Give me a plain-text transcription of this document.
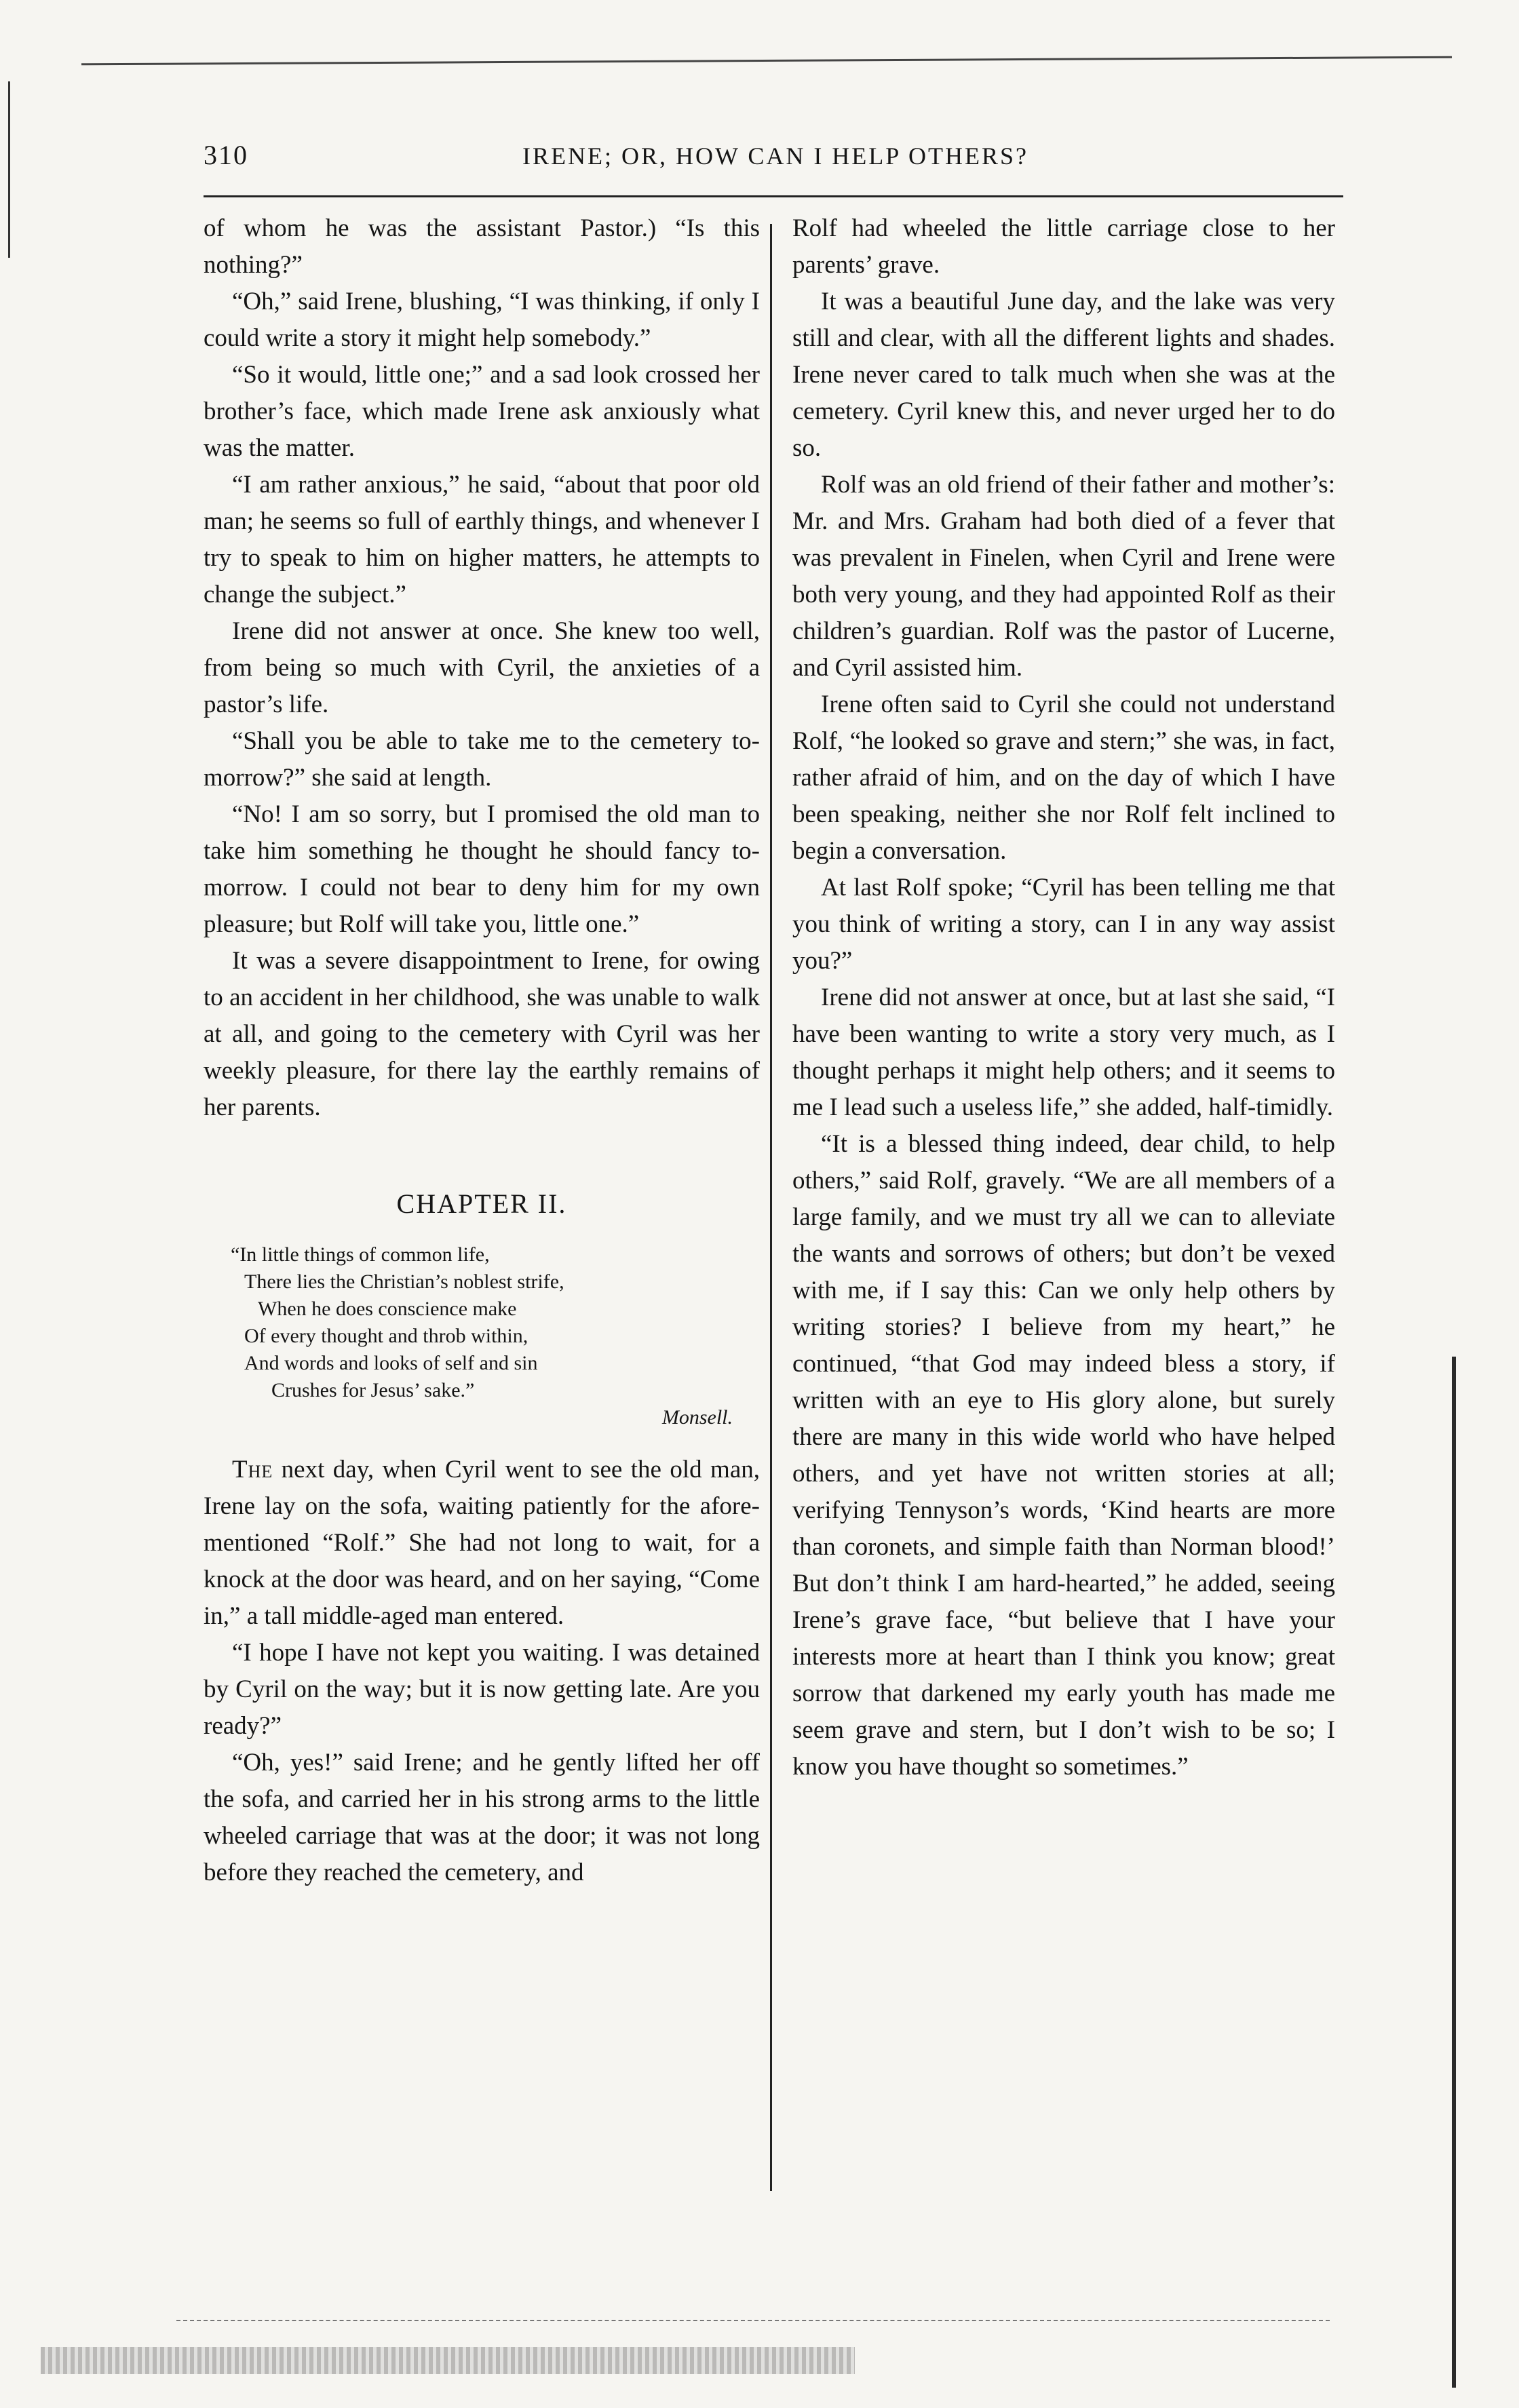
310	IRENE; OR, HOW CAN I HELP OTHERS?

of whom he was the assistant Pastor.) “Is this nothing?”

“Oh,” said Irene, blushing, “I was thinking, if only I could write a story it might help somebody.”

“So it would, little one;” and a sad look crossed her brother’s face, which made Irene ask anxiously what was the matter.

“I am rather anxious,” he said, “about that poor old man; he seems so full of earthly things, and whenever I try to speak to him on higher matters, he attempts to change the subject.”

Irene did not answer at once. She knew too well, from being so much with Cyril, the anxieties of a pastor’s life.

“Shall you be able to take me to the cemetery to-morrow?” she said at length.

“No! I am so sorry, but I promised the old man to take him something he thought he should fancy to-morrow. I could not bear to deny him for my own pleasure; but Rolf will take you, little one.”

It was a severe disappointment to Irene, for owing to an accident in her childhood, she was unable to walk at all, and going to the cemetery with Cyril was her weekly pleasure, for there lay the earthly remains of her parents.

CHAPTER II.
“In little things of common life,
There lies the Christian’s noblest strife,
When he does conscience make
Of every thought and throb within,
And words and looks of self and sin
Crushes for Jesus’ sake.”
Monsell.

The next day, when Cyril went to see the old man, Irene lay on the sofa, waiting patiently for the afore-mentioned “Rolf.” She had not long to wait, for a knock at the door was heard, and on her saying, “Come in,” a tall middle-aged man entered.

“I hope I have not kept you waiting. I was detained by Cyril on the way; but it is now getting late. Are you ready?”

“Oh, yes!” said Irene; and he gently lifted her off the sofa, and carried her in his strong arms to the little wheeled carriage that was at the door; it was not long before they reached the cemetery, and

Rolf had wheeled the little carriage close to her parents’ grave.

It was a beautiful June day, and the lake was very still and clear, with all the different lights and shades. Irene never cared to talk much when she was at the cemetery. Cyril knew this, and never urged her to do so.

Rolf was an old friend of their father and mother’s: Mr. and Mrs. Graham had both died of a fever that was prevalent in Finelen, when Cyril and Irene were both very young, and they had appointed Rolf as their children’s guardian. Rolf was the pastor of Lucerne, and Cyril assisted him.

Irene often said to Cyril she could not understand Rolf, “he looked so grave and stern;” she was, in fact, rather afraid of him, and on the day of which I have been speaking, neither she nor Rolf felt inclined to begin a conversation.

At last Rolf spoke; “Cyril has been telling me that you think of writing a story, can I in any way assist you?”

Irene did not answer at once, but at last she said, “I have been wanting to write a story very much, as I thought perhaps it might help others; and it seems to me I lead such a useless life,” she added, half-timidly.

“It is a blessed thing indeed, dear child, to help others,” said Rolf, gravely. “We are all members of a large family, and we must try all we can to alleviate the wants and sorrows of others; but don’t be vexed with me, if I say this: Can we only help others by writing stories? I believe from my heart,” he continued, “that God may indeed bless a story, if written with an eye to His glory alone, but surely there are many in this wide world who have helped others, and yet have not written stories at all; verifying Tennyson’s words, ‘Kind hearts are more than coronets, and simple faith than Norman blood!’ But don’t think I am hard-hearted,” he added, seeing Irene’s grave face, “but believe that I have your interests more at heart than I think you know; great sorrow that darkened my early youth has made me seem grave and stern, but I don’t wish to be so; I know you have thought so sometimes.”
